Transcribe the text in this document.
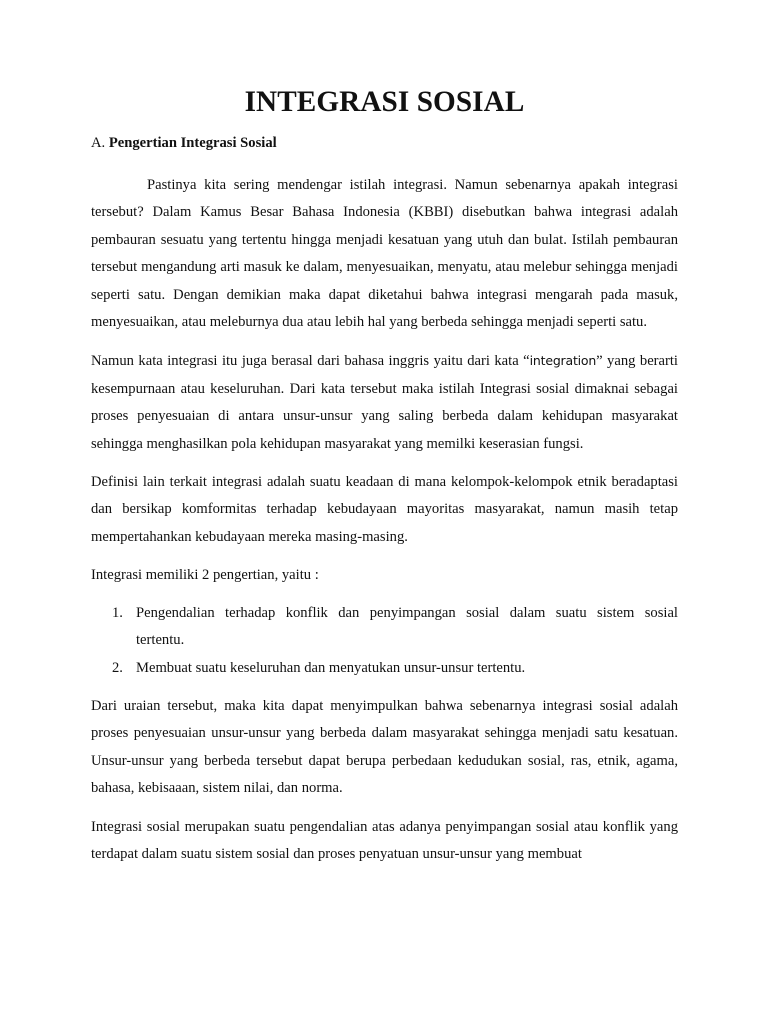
INTEGRASI SOSIAL
A. Pengertian Integrasi Sosial

Pastinya kita sering mendengar istilah integrasi. Namun sebenarnya apakah integrasi tersebut? Dalam Kamus Besar Bahasa Indonesia (KBBI) disebutkan bahwa integrasi adalah pembauran sesuatu yang tertentu hingga menjadi kesatuan yang utuh dan bulat. Istilah pembauran tersebut mengandung arti masuk ke dalam, menyesuaikan, menyatu, atau melebur sehingga menjadi seperti satu. Dengan demikian maka dapat diketahui bahwa integrasi mengarah pada masuk, menyesuaikan, atau meleburnya dua atau lebih hal yang berbeda sehingga menjadi seperti satu.

Namun kata integrasi itu juga berasal dari bahasa inggris yaitu dari kata “integration” yang berarti kesempurnaan atau keseluruhan. Dari kata tersebut maka istilah Integrasi sosial dimaknai sebagai proses penyesuaian di antara unsur-unsur yang saling berbeda dalam kehidupan masyarakat sehingga menghasilkan pola kehidupan masyarakat yang memilki keserasian fungsi.

Definisi lain terkait integrasi adalah suatu keadaan di mana kelompok-kelompok etnik beradaptasi dan bersikap komformitas terhadap kebudayaan mayoritas masyarakat, namun masih tetap mempertahankan kebudayaan mereka masing-masing.

Integrasi memiliki 2 pengertian, yaitu :

1. Pengendalian terhadap konflik dan penyimpangan sosial dalam suatu sistem sosial tertentu.
2. Membuat suatu keseluruhan dan menyatukan unsur-unsur tertentu.

Dari uraian tersebut, maka kita dapat menyimpulkan bahwa sebenarnya integrasi sosial adalah proses penyesuaian unsur-unsur yang berbeda dalam masyarakat sehingga menjadi satu kesatuan. Unsur-unsur yang berbeda tersebut dapat berupa perbedaan kedudukan sosial, ras, etnik, agama, bahasa, kebisaaan, sistem nilai, dan norma.

Integrasi sosial merupakan suatu pengendalian atas adanya penyimpangan sosial atau konflik yang terdapat dalam suatu sistem sosial dan proses penyatuan unsur-unsur yang membuat
